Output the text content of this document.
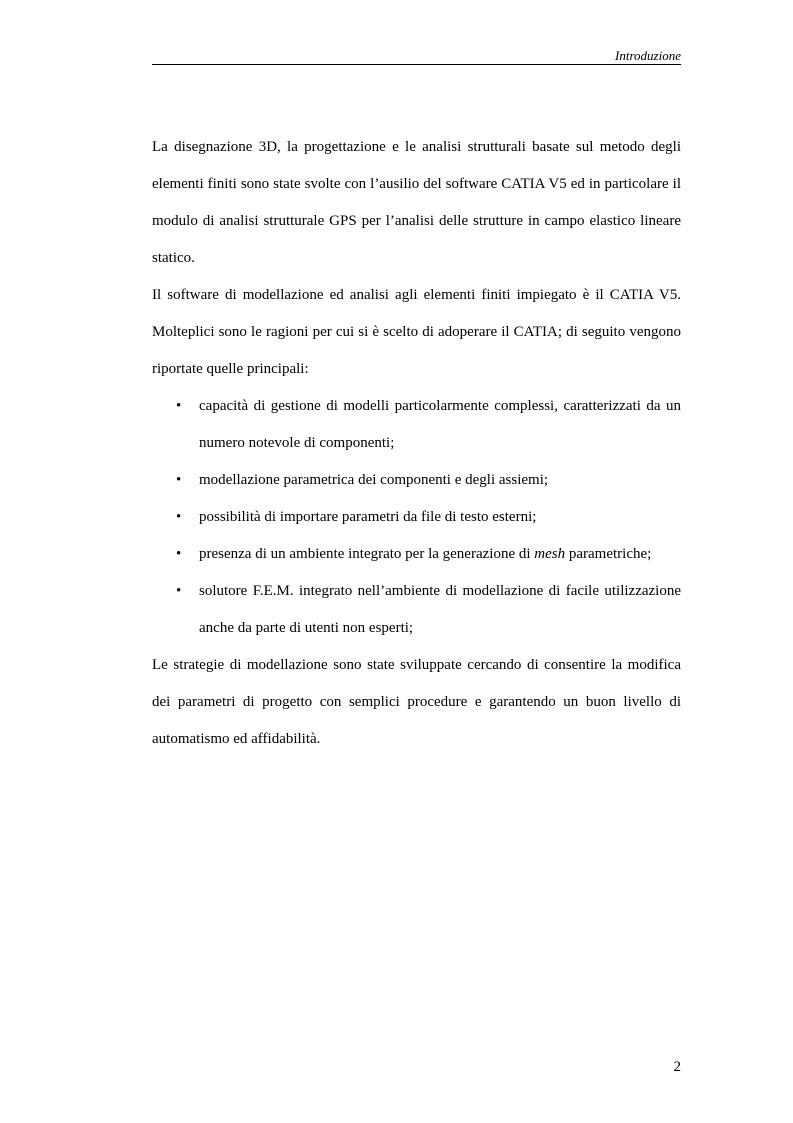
Introduzione

La disegnazione 3D, la progettazione e le analisi strutturali basate sul metodo degli elementi finiti sono state svolte con l’ausilio del software CATIA V5 ed in particolare il modulo di analisi strutturale GPS per l’analisi delle strutture in campo elastico lineare statico.

Il software di modellazione ed analisi agli elementi finiti impiegato è il CATIA V5. Molteplici sono le ragioni per cui si è scelto di adoperare il CATIA; di seguito vengono riportate quelle principali:

•	capacità di gestione di modelli particolarmente complessi, caratterizzati da un numero notevole di componenti;
•	modellazione parametrica dei componenti e degli assiemi;
•	possibilità di importare parametri da file di testo esterni;
•	presenza di un ambiente integrato per la generazione di mesh parametriche;
•	solutore F.E.M. integrato nell’ambiente di modellazione di facile utilizzazione anche da parte di utenti non esperti;

Le strategie di modellazione sono state sviluppate cercando di consentire la modifica dei parametri di progetto con semplici procedure e garantendo un buon livello di automatismo ed affidabilità.

2
